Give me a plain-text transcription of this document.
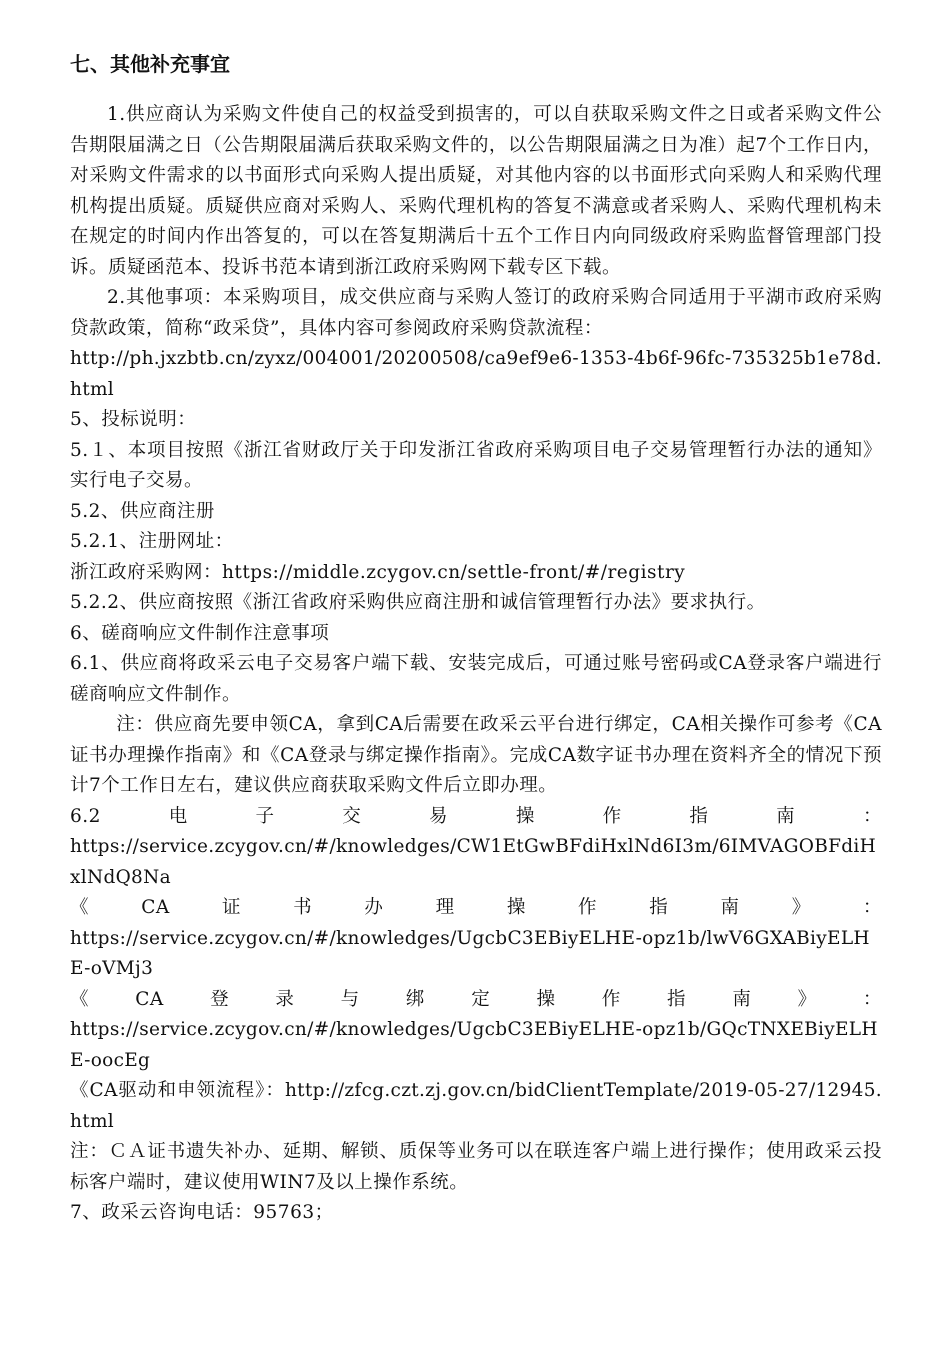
七、其他补充事宜

1.供应商认为采购文件使自己的权益受到损害的，可以自获取采购文件之日或者采购文件公告期限届满之日（公告期限届满后获取采购文件的，以公告期限届满之日为准）起7个工作日内，对采购文件需求的以书面形式向采购人提出质疑，对其他内容的以书面形式向采购人和采购代理机构提出质疑。质疑供应商对采购人、采购代理机构的答复不满意或者采购人、采购代理机构未在规定的时间内作出答复的，可以在答复期满后十五个工作日内向同级政府采购监督管理部门投诉。质疑函范本、投诉书范本请到浙江政府采购网下载专区下载。

2.其他事项：本采购项目，成交供应商与采购人签订的政府采购合同适用于平湖市政府采购贷款政策，简称“政采贷”，具体内容可参阅政府采购贷款流程：

http://ph.jxzbtb.cn/zyxz/004001/20200508/ca9ef9e6-1353-4b6f-96fc-735325b1e78d.html

5、投标说明：

5.１、本项目按照《浙江省财政厅关于印发浙江省政府采购项目电子交易管理暂行办法的通知》实行电子交易。

5.2、供应商注册

5.2.1、注册网址：

浙江政府采购网：https://middle.zcygov.cn/settle-front/#/registry

5.2.2、供应商按照《浙江省政府采购供应商注册和诚信管理暂行办法》要求执行。

6、磋商响应文件制作注意事项

6.1、供应商将政采云电子交易客户端下载、安装完成后，可通过账号密码或CA登录客户端进行磋商响应文件制作。

注：供应商先要申领CA，拿到CA后需要在政采云平台进行绑定，CA相关操作可参考《CA证书办理操作指南》和《CA登录与绑定操作指南》。完成CA数字证书办理在资料齐全的情况下预计7个工作日左右，建议供应商获取采购文件后立即办理。

6.2	电	子	交	易	操	作	指	南	：

https://service.zcygov.cn/#/knowledges/CW1EtGwBFdiHxlNd6I3m/6IMVAGOBFdiHxlNdQ8Na

《	CA	证	书	办	理	操	作	指	南	》	：

https://service.zcygov.cn/#/knowledges/UgcbC3EBiyELHE-opz1b/lwV6GXABiyELHE-oVMj3

《	CA	登	录	与	绑	定	操	作	指	南	》	：

https://service.zcygov.cn/#/knowledges/UgcbC3EBiyELHE-opz1b/GQcTNXEBiyELHE-oocEg

《CA驱动和申领流程》：http://zfcg.czt.zj.gov.cn/bidClientTemplate/2019-05-27/12945.html

注：ＣＡ证书遗失补办、延期、解锁、质保等业务可以在联连客户端上进行操作；使用政采云投标客户端时，建议使用WIN7及以上操作系统。

7、政采云咨询电话：95763；
